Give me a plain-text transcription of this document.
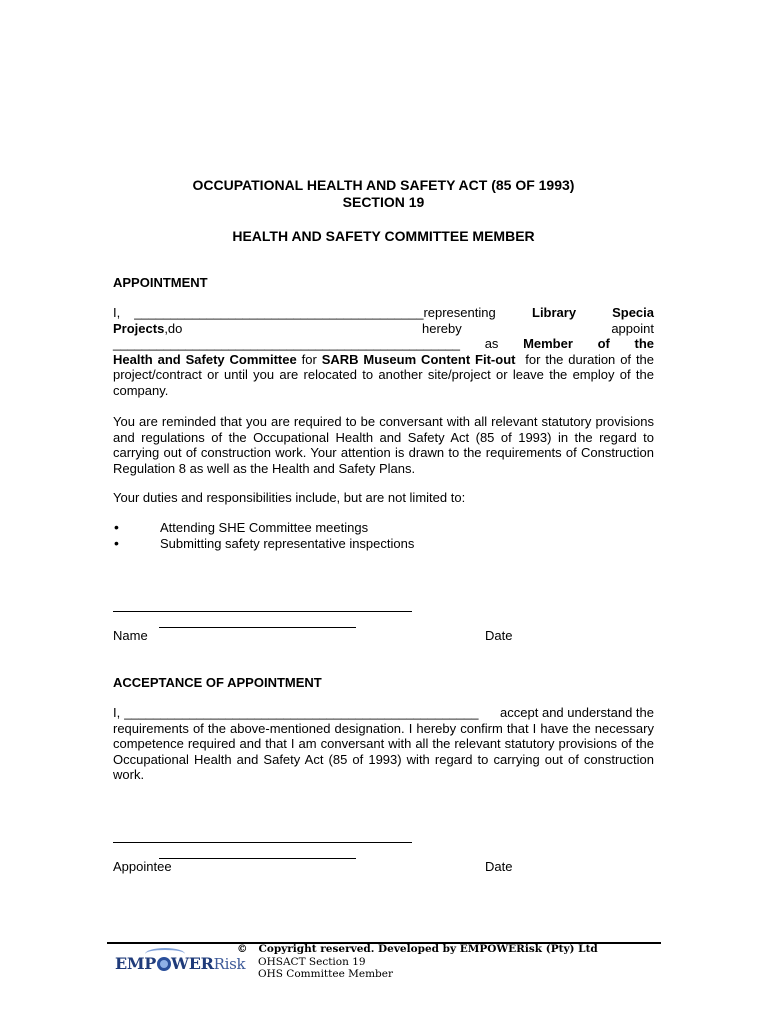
OCCUPATIONAL HEALTH AND SAFETY ACT (85 OF 1993)
SECTION 19
HEALTH AND SAFETY COMMITTEE MEMBER
APPOINTMENT
I, ________________________________________ representing	Library	Specia
Projects,do	hereby	appoint
________________________________________________ as Member of the
Health and Safety Committee for SARB Museum Content Fit-out  for the duration of the project/contract or until you are relocated to another site/project or leave the employ of the company.
You are reminded that you are required to be conversant with all relevant statutory provisions and regulations of the Occupational Health and Safety Act (85 of 1993) in the regard to carrying out of construction work. Your attention is drawn to the requirements of Construction Regulation 8 as well as the Health and Safety Plans.
Your duties and responsibilities include, but are not limited to:
•	Attending SHE Committee meetings
•	Submitting safety representative inspections
Name	Date
ACCEPTANCE OF APPOINTMENT
I, _________________________________________________	accept and understand the
requirements of the above-mentioned designation. I hereby confirm that I have the necessary competence required and that I am conversant with all the relevant statutory provisions of the Occupational Health and Safety Act (85 of 1993) with regard to carrying out of construction work.
Appointee	Date
EMP WERRisk
© Copyright reserved. Developed by EMPOWERisk (Pty) Ltd
OHSACT Section 19
OHS Committee Member
